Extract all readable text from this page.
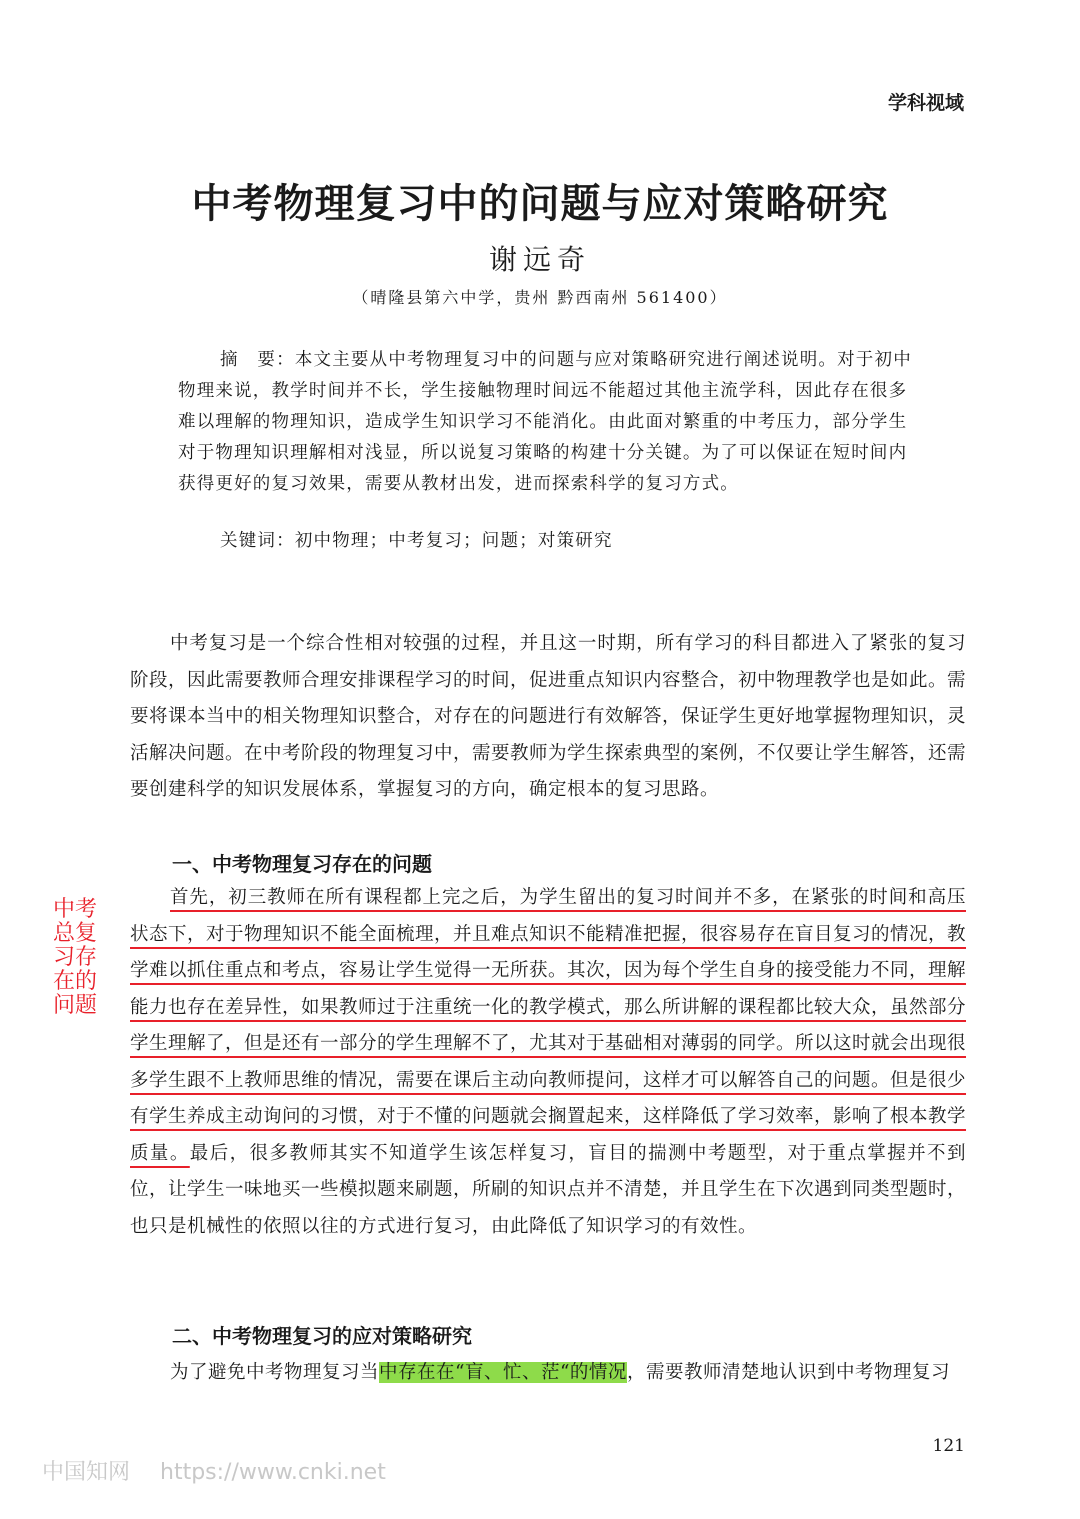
学科视域
中考物理复习中的问题与应对策略研究
谢远奇
（晴隆县第六中学，贵州 黔西南州 561400）
摘　要：本文主要从中考物理复习中的问题与应对策略研究进行阐述说明。对于初中物理来说，教学时间并不长，学生接触物理时间远不能超过其他主流学科，因此存在很多难以理解的物理知识，造成学生知识学习不能消化。由此面对繁重的中考压力，部分学生对于物理知识理解相对浅显，所以说复习策略的构建十分关键。为了可以保证在短时间内获得更好的复习效果，需要从教材出发，进而探索科学的复习方式。
关键词：初中物理；中考复习；问题；对策研究
中考复习是一个综合性相对较强的过程，并且这一时期，所有学习的科目都进入了紧张的复习阶段，因此需要教师合理安排课程学习的时间，促进重点知识内容整合，初中物理教学也是如此。需要将课本当中的相关物理知识整合，对存在的问题进行有效解答，保证学生更好地掌握物理知识，灵活解决问题。在中考阶段的物理复习中，需要教师为学生探索典型的案例，不仅要让学生解答，还需要创建科学的知识发展体系，掌握复习的方向，确定根本的复习思路。
一、中考物理复习存在的问题
中考总复习存在的问题
首先，初三教师在所有课程都上完之后，为学生留出的复习时间并不多，在紧张的时间和高压状态下，对于物理知识不能全面梳理，并且难点知识不能精准把握，很容易存在盲目复习的情况，教学难以抓住重点和考点，容易让学生觉得一无所获。其次，因为每个学生自身的接受能力不同，理解能力也存在差异性，如果教师过于注重统一化的教学模式，那么所讲解的课程都比较大众，虽然部分学生理解了，但是还有一部分的学生理解不了，尤其对于基础相对薄弱的同学。所以这时就会出现很多学生跟不上教师思维的情况，需要在课后主动向教师提问，这样才可以解答自己的问题。但是很少有学生养成主动询问的习惯，对于不懂的问题就会搁置起来，这样降低了学习效率，影响了根本教学质量。最后，很多教师其实不知道学生该怎样复习，盲目的揣测中考题型，对于重点掌握并不到位，让学生一味地买一些模拟题来刷题，所刷的知识点并不清楚，并且学生在下次遇到同类型题时，也只是机械性的依照以往的方式进行复习，由此降低了知识学习的有效性。
二、中考物理复习的应对策略研究
为了避免中考物理复习当中存在在“盲、忙、茫“的情况，需要教师清楚地认识到中考物理复习
121
中国知网 https://www.cnki.net
